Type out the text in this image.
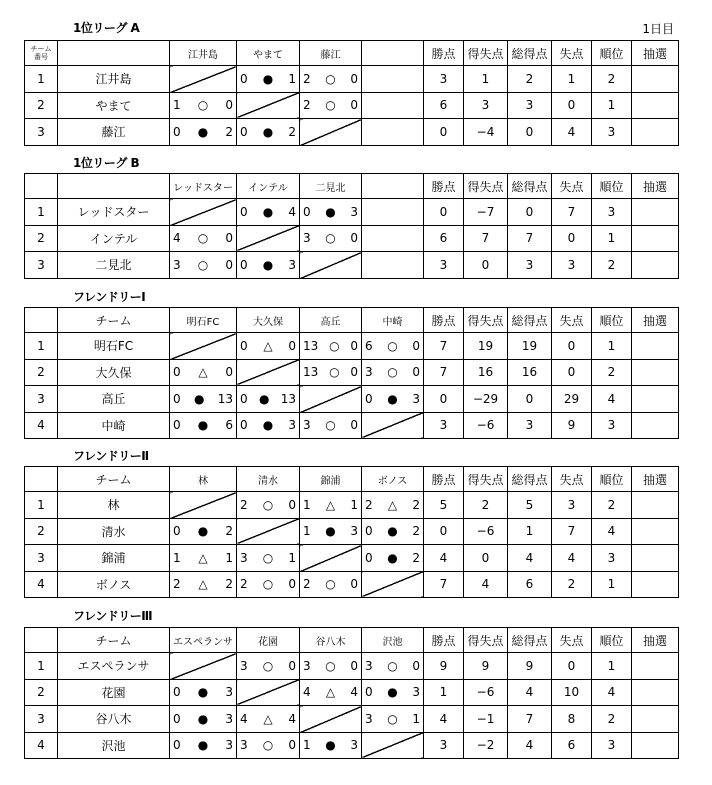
1日目
1位リーグ A
チーム
番号		江井島	やまて	藤江		勝点	得失点	総得点	失点	順位	抽選
1	江井島		0 ● 1	2 ○ 0		3	1	2	1	2	
2	やまて	1 ○ 0		2 ○ 0		6	3	3	0	1	
3	藤江	0 ● 2	0 ● 2			0	−4	0	4	3	
1位リーグ B
		レッドスター	インテル	二見北		勝点	得失点	総得点	失点	順位	抽選
1	レッドスター		0 ● 4	0 ● 3		0	−7	0	7	3	
2	インテル	4 ○ 0		3 ○ 0		6	7	7	0	1	
3	二見北	3 ○ 0	0 ● 3			3	0	3	3	2	
フレンドリーⅠ
	チーム	明石FC	大久保	高丘	中崎	勝点	得失点	総得点	失点	順位	抽選
1	明石FC		0 △ 0	13 ○ 0	6 ○ 0	7	19	19	0	1	
2	大久保	0 △ 0		13 ○ 0	3 ○ 0	7	16	16	0	2	
3	高丘	0 ● 13	0 ● 13		0 ● 3	0	−29	0	29	4	
4	中崎	0 ● 6	0 ● 3	3 ○ 0		3	−6	3	9	3	
フレンドリーⅡ
	チーム	林	清水	錦浦	ボノス	勝点	得失点	総得点	失点	順位	抽選
1	林		2 ○ 0	1 △ 1	2 △ 2	5	2	5	3	2	
2	清水	0 ● 2		1 ● 3	0 ● 2	0	−6	1	7	4	
3	錦浦	1 △ 1	3 ○ 1		0 ● 2	4	0	4	4	3	
4	ボノス	2 △ 2	2 ○ 0	2 ○ 0		7	4	6	2	1	
フレンドリーⅢ
	チーム	エスペランサ	花園	谷八木	沢池	勝点	得失点	総得点	失点	順位	抽選
1	エスペランサ		3 ○ 0	3 ○ 0	3 ○ 0	9	9	9	0	1	
2	花園	0 ● 3		4 △ 4	0 ● 3	1	−6	4	10	4	
3	谷八木	0 ● 3	4 △ 4		3 ○ 1	4	−1	7	8	2	
4	沢池	0 ● 3	3 ○ 0	1 ● 3		3	−2	4	6	3	
